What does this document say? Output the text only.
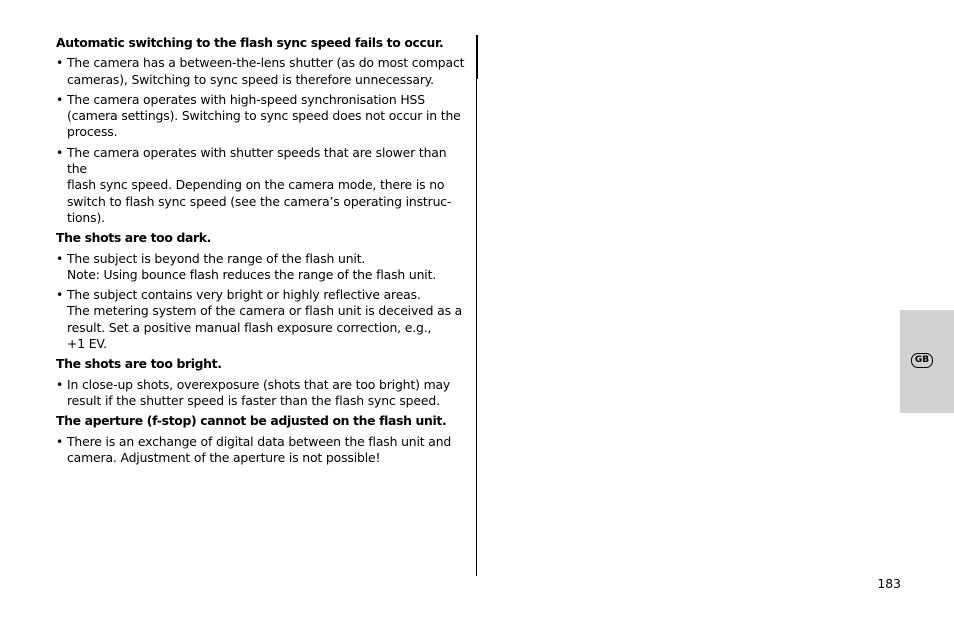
Automatic switching to the flash sync speed fails to occur.
• The camera has a between-the-lens shutter (as do most compact
cameras), Switching to sync speed is therefore unnecessary.
• The camera operates with high-speed synchronisation HSS
(camera settings). Switching to sync speed does not occur in the
process.
• The camera operates with shutter speeds that are slower than the
flash sync speed. Depending on the camera mode, there is no
switch to flash sync speed (see the camera’s operating instruc-
tions).
The shots are too dark.
• The subject is beyond the range of the flash unit.
Note: Using bounce flash reduces the range of the flash unit.
• The subject contains very bright or highly reflective areas.
The metering system of the camera or flash unit is deceived as a
result. Set a positive manual flash exposure correction, e.g.,
+1 EV.
The shots are too bright.
• In close-up shots, overexposure (shots that are too bright) may
result if the shutter speed is faster than the flash sync speed.
The aperture (f-stop) cannot be adjusted on the flash unit.
• There is an exchange of digital data between the flash unit and
camera. Adjustment of the aperture is not possible!
GB
183
